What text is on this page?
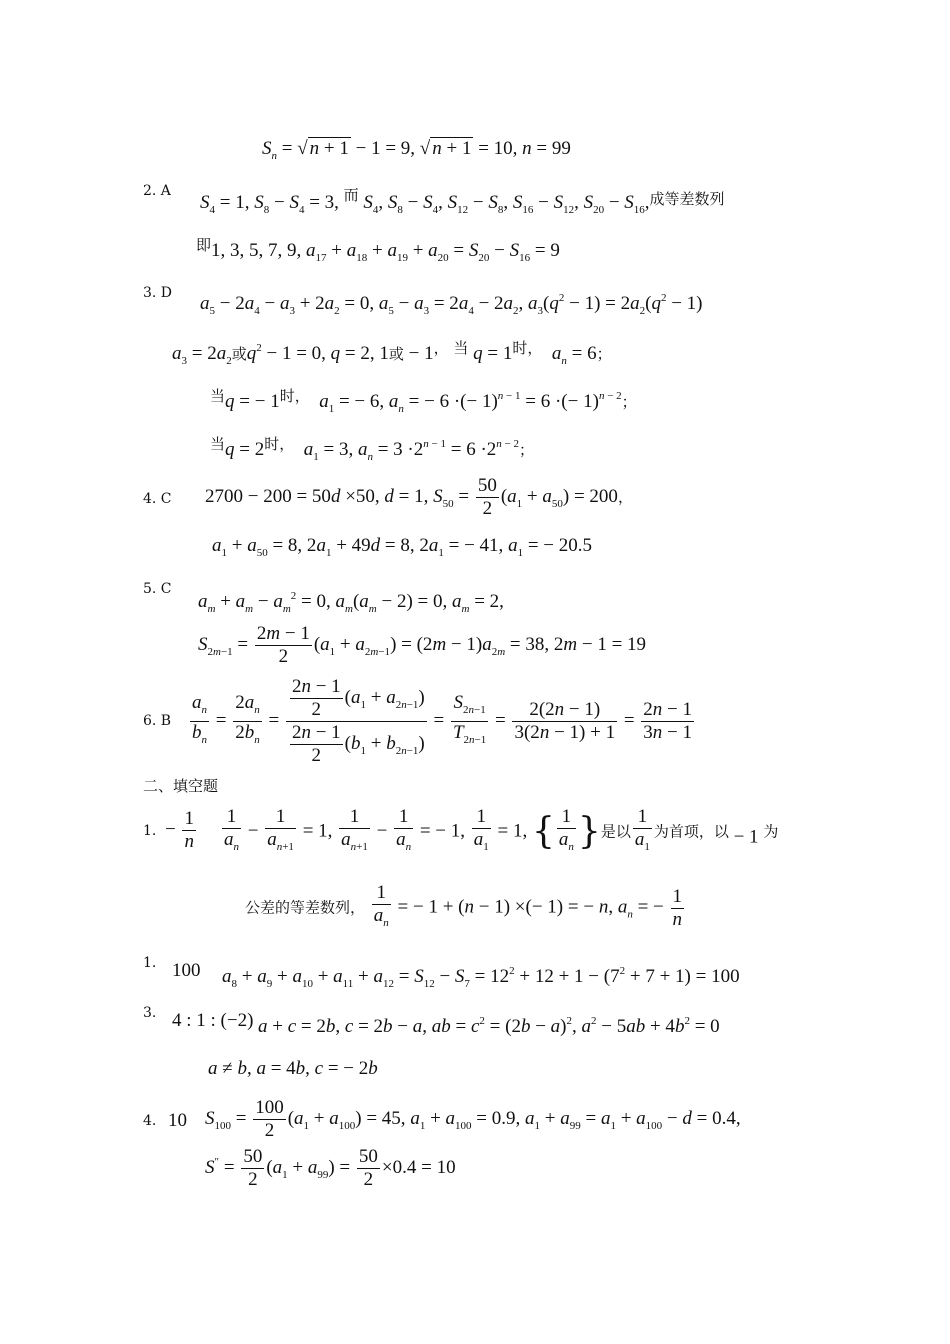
$S_n$ = √ n + 1 − 1 = 9, √ n + 1 = 10, n = 99
2. A
$S_4 = 1$, $S_8 - S_4 = 3$, $^而$ $S_4$, $S_8 - S_4$, $S_{12} - S_8$, $S_{16} - S_{12}$, $S_{20} - S_{16},^{成等差数列}$
$^即$1, 3, 5, 7, 9, $a_{17} + a_{18} + a_{19} + a_{20} = S_{20} - S_{16} = 9$
3. D $a_5 - 2a_4 - a_3 + 2a_2 = 0$, $a_5 - a_3 = 2a_4 - 2a_2$, $a_3(q^2 - 1) = 2a_2(q^2 - 1)$
$a_3 = 2a_2$或$q^2 - 1 = 0$, q = 2, 1或 − 1， $^当$ $q = 1^{时,}$ $a_n = 6$；
$^当$q = − $1^{时,}$ $a_1$ = − 6, $a_n$ = − 6 ·(− 1)$^{n - 1}$ = 6 ·(− 1)$^{n - 2}$；
$^当q = 2^{时,}$ $a_1 = 3$, $a_n = 3 \cdot 2^{n - 1} = 6 \cdot 2^{n - 2}$；
4. C 2700 − 200 = 50d ×50, d = 1, $S_{50} = \frac{50}{2} (a_1 + a_{50}) = 200$，
$a_1 + a_{50} = 8$, $2a_1 + 49d = 8$, $2a_1$ = − 41, $a_1$ = − 20.5
5. C
$a_m + a_m - a_m^2 = 0$, $a_m(a_m - 2) = 0$, $a_m = 2$,
$S_{2m-1} = \frac{2m - 1}{2} (a_1 + a_{2m-1}) = (2m - 1)a_{2m} = 38$, 2m − 1 = 19
6. B $\frac{a_n}{b_n} = \frac{2a_n}{2b_n} = \frac{\frac{2n - 1}{2} (a_1 + a_{2n-1})}{\frac{2n - 1}{2} (b_1 + b_{2n-1})} = \frac{S_{2n-1}}{T_{2n-1}} = \frac{2(2n - 1)}{3(2n - 1) + 1} = \frac{2n - 1}{3n - 1}$
二、填空题
1. − $\frac{1}{n} \frac{1}{a_n} - \frac{1}{a_{n+1}} = 1$, $\frac{1}{a_{n+1}} - \frac{1}{a_n}$ = − 1, $\frac{1}{a_1} = 1$, { $\frac{1}{a_n}$ }是以 $\frac{1}{a_1}$ 为首项，以 − 1 为
公差的等差数列， $\frac{1}{a_n}$ = − 1 + (n − 1) ×(− 1) = − n, $a_n$ = − $\frac{1}{n}$
1. 100 $a_8 + a_9 + a_{10} + a_{11} + a_{12} = S_{12} - S_7 = 12^2 + 12 + 1 - (7^2 + 7 + 1) = 100$
3. 4 : 1 : (−2) a + c = 2b, c = 2b − a, ab = $c^2 = (2b - a)^2$, $a^2 - 5ab + 4b^2 = 0$
a ≠ b, a = 4b, c = − 2b
4. 10 $S_{100} = \frac{100}{2} (a_1 + a_{100}) = 45$, $a_1 + a_{100} = 0.9$, $a_1 + a_{99} = a_1 + a_{100} - d = 0.4$,
$S'' = \frac{50}{2} (a_1 + a_{99}) = \frac{50}{2} \times 0.4 = 10$
